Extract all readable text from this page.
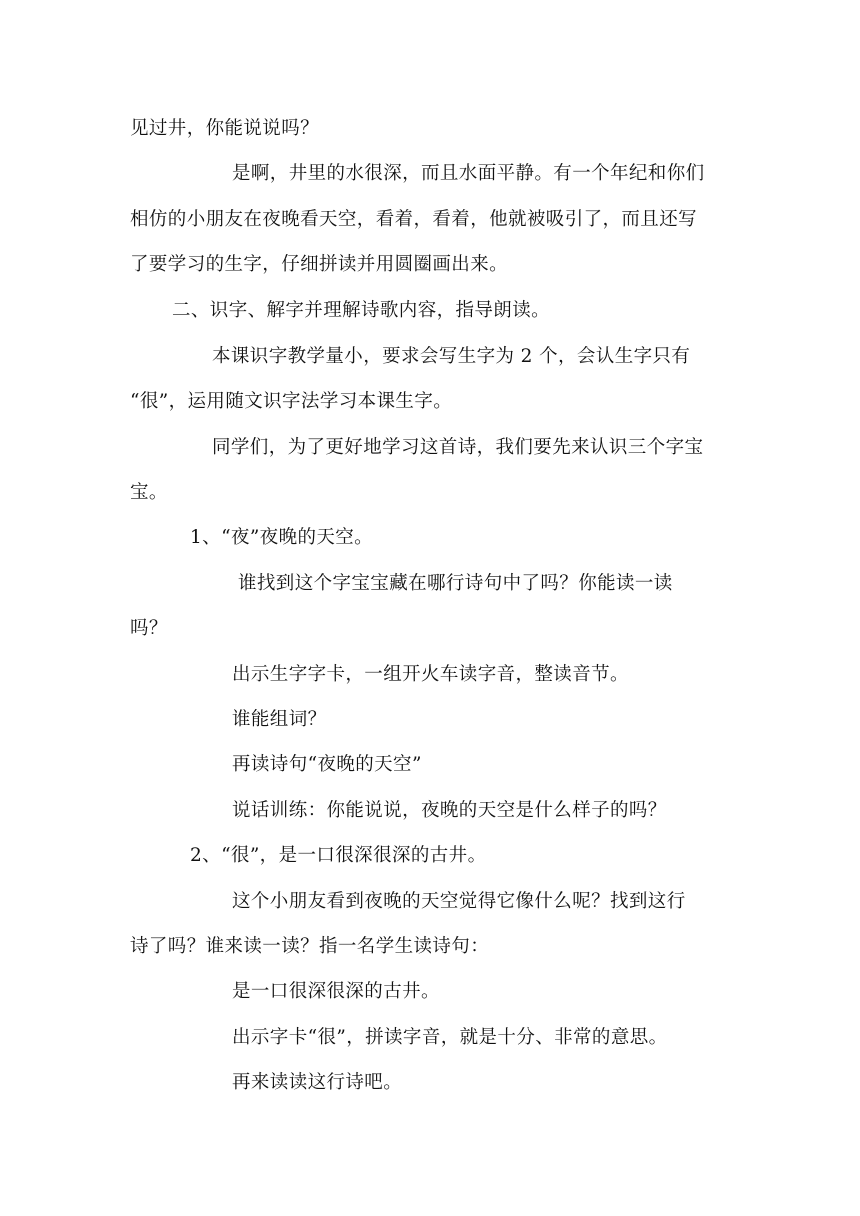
见过井，你能说说吗？
是啊，井里的水很深，而且水面平静。有一个年纪和你们
相仿的小朋友在夜晚看天空，看着，看着，他就被吸引了，而且还写
了要学习的生字，仔细拼读并用圆圈画出来。
二、识字、解字并理解诗歌内容，指导朗读。
本课识字教学量小，要求会写生字为 2 个，会认生字只有
“很”，运用随文识字法学习本课生字。
同学们，为了更好地学习这首诗，我们要先来认识三个字宝
宝。
1、“夜”夜晚的天空。
谁找到这个字宝宝藏在哪行诗句中了吗？你能读一读
吗？
出示生字字卡，一组开火车读字音，整读音节。
谁能组词？
再读诗句“夜晚的天空”
说话训练：你能说说，夜晚的天空是什么样子的吗？
2、“很”，是一口很深很深的古井。
这个小朋友看到夜晚的天空觉得它像什么呢？找到这行
诗了吗？谁来读一读？指一名学生读诗句：
是一口很深很深的古井。
出示字卡“很”，拼读字音，就是十分、非常的意思。
再来读读这行诗吧。
